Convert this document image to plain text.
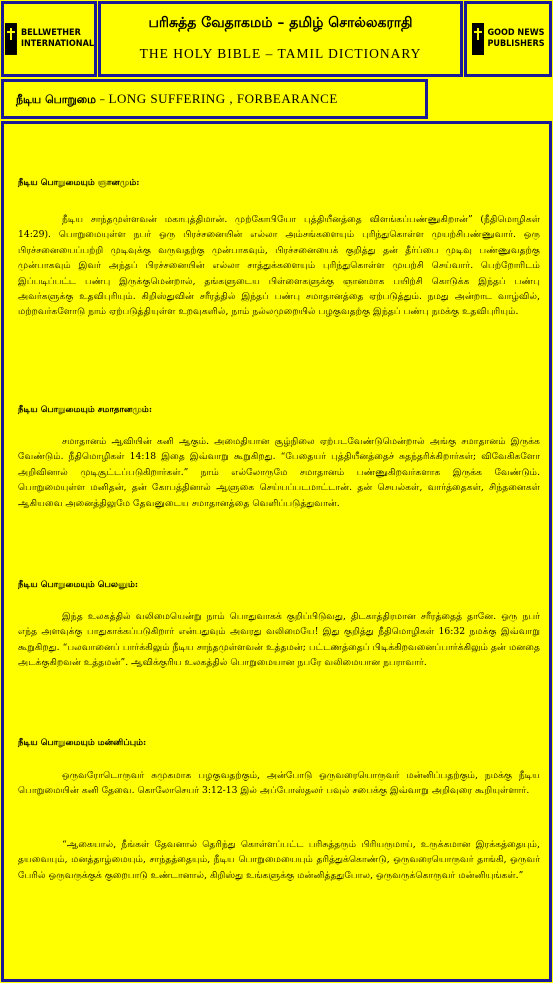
BELLWETHER
INTERNATIONAL
பரிசுத்த வேதாகமம் – தமிழ் சொல்லகராதி
THE HOLY BIBLE – TAMIL DICTIONARY
GOOD NEWS
PUBLISHERS
நீடிய பொறுமை – LONG SUFFERING , FORBEARANCE
நீடிய பொறுமையும் ஞானமும்:

நீடிய சாந்தமுள்ளவன் மகாபுத்திமான். முற்கோபியோ புத்தியீனத்தை விளங்கப்பண்ணுகிறான்” (நீதிமொழிகள் 14:29). பொறுமையுள்ள நபர் ஒரு பிரச்சனையின் எல்லா அம்சங்களையும் புரிந்துகொள்ள முயற்சிபண்ணுவார். ஒரு பிரச்சனையைப்பற்றி முடிவுக்கு வருவதற்கு முன்பாகவும், பிரச்சனையைக் குறித்து தன் தீர்ப்பை முடிவு பண்ணுவதற்கு முன்பாகவும் இவர் அந்தப் பிரச்சனையின் எல்லா சாத்துக்களையும் புரிந்துகொள்ள முயற்சி செய்வார். பெற்றோரிடம் இப்படிப்பட்ட பண்பு இருக்குமென்றால், தங்களுடைய பிள்ளைகளுக்கு ஞானமாக பயிற்சி கொடுக்க இந்தப் பண்பு அவர்களுக்கு உதவிபுரியும். கிறிஸ்துவின் சரீரத்தில் இந்தப் பண்பு சமாதானத்தை ஏற்படுத்தும். நமது அன்றாட வாழ்வில், மற்றவர்களோடு நாம் ஏற்படுத்தியுள்ள உறவுகளில், நாம் நல்லமுறையில் பழகுவதற்கு இந்தப் பண்பு நமக்கு உதவிபுரியும்.

நீடிய பொறுமையும் சமாதானமும்:

சமாதானம் ஆவியின் கனி ஆகும். அமைதியான சூழ்நிலை ஏற்படவேண்டுமென்றால் அங்கு சமாதானம் இருக்க வேண்டும். நீதிமொழிகள் 14:18 இதை இவ்வாறு கூறுகிறது. “பேதையர் புத்தியீனத்தைச் சுதந்தரிக்கிறார்கள்; விவேகிகளோ அறிவினால் முடிசூட்டப்படுகிறார்கள்.” நாம் எல்லோருமே சமாதானம் பண்ணுகிறவர்களாக இருக்க வேண்டும். பொறுமையுள்ள மனிதன், தன் கோபத்தினால் ஆளுகை செய்யப்படமாட்டான். தன் செயல்கள், வார்த்தைகள், சிந்தனைகள் ஆகியவை அனைத்திலுமே தேவனுடைய சமாதானத்தை வெளிப்படுத்துவான்.

நீடிய பொறுமையும் பெலனும்:

இந்த உலகத்தில் வலிமையென்று நாம் பொதுவாகக் குறிப்பிடுவது, திடகாத்திரமான சரீரத்தைத் தானே. ஒரு நபர் எந்த அளவுக்கு பாதுகாக்கப்படுகிறார் என்பதுவும் அவரது வலிமையே! இது குறித்து நீதிமொழிகள் 16:32 நமக்கு இவ்வாறு கூறுகிறது. “பலவானைப் பார்க்கிலும் நீடிய சாந்தமுள்ளவன் உத்தமன்; பட்டணத்தைப் பிடிக்கிறவனைப்பார்க்கிலும் தன் மனதை அடக்குகிறவன் உத்தமன்”. ஆவிக்குரிய உலகத்தில் பொறுமையான நபரே வலிமையான நபராவார்.

நீடிய பொறுமையும் மன்னிப்பும்:

ஒருவரோடொருவர் சுமுகமாக பழகுவதற்கும், அன்போடு ஒருவரையொருவர் மன்னிப்பதற்கும், நமக்கு நீடிய பொறுமையின் கனி தேவை. கொலோசெயர் 3:12-13 இல் அப்போஸ்தலர் பவுல் சபைக்கு இவ்வாறு அறிவுரை கூறியுள்ளார்.

“ஆகையால், நீங்கள் தேவனால் தெரிந்து கொள்ளப்பட்ட பரிசுத்தரும் பிரியருமாய், உருக்கமான இரக்கத்தையும், தயவையும், மனத்தாழ்மையும், சாந்தத்தையும், நீடிய பொறுமையையும் தரித்துக்கொண்டு, ஒருவரையொருவர் தாங்கி, ஒருவர் பேரில் ஒருவருக்குக் குறைபாடு உண்டானால், கிறிஸ்து உங்களுக்கு மன்னித்ததுபோல, ஒருவருக்கொருவர் மன்னியுங்கள்.”
